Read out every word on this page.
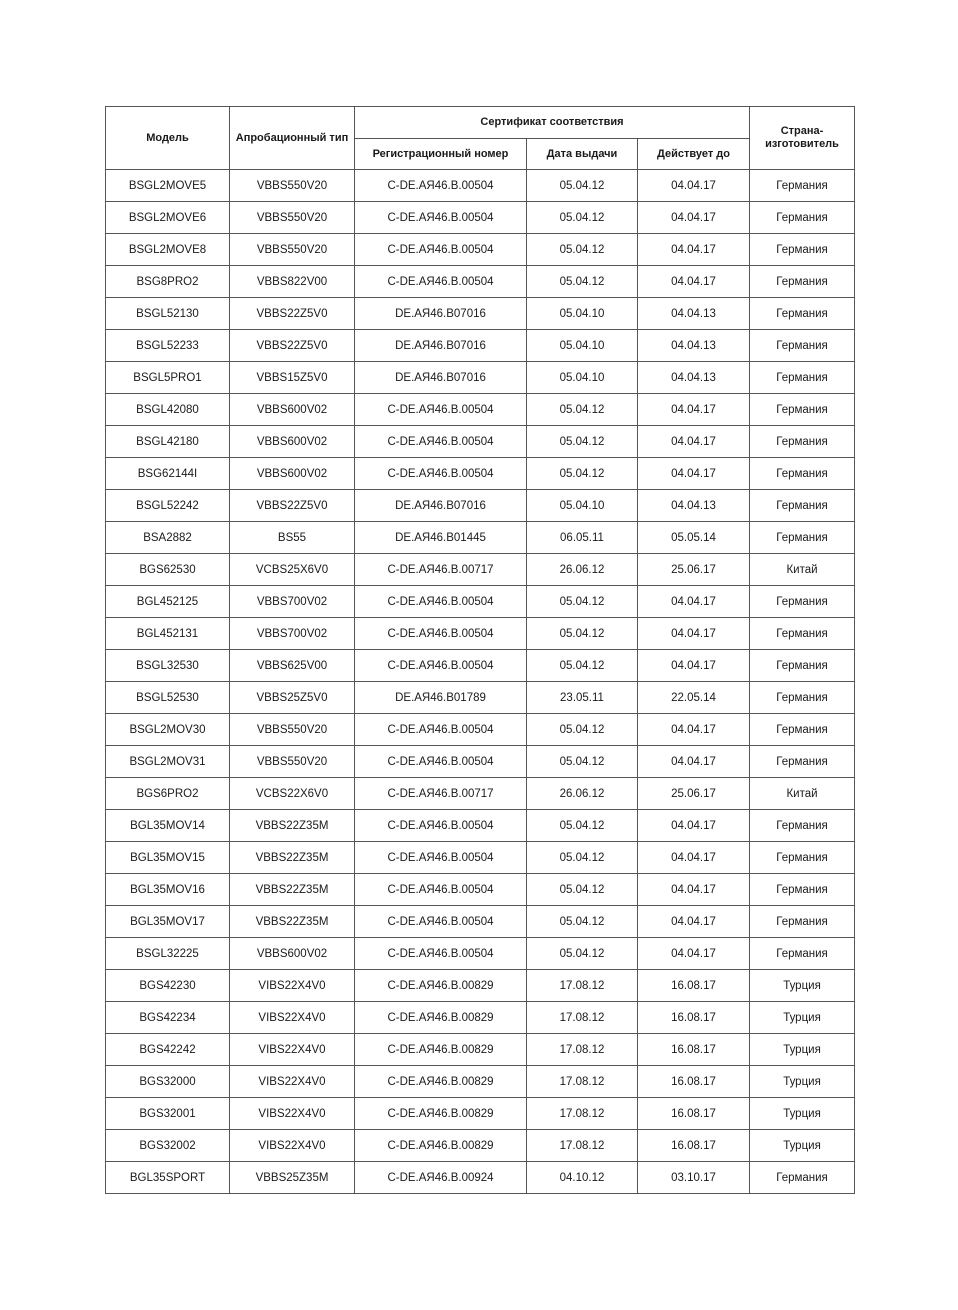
Модель	Апробационный тип	Сертификат соответствия			Страна-изготовитель
		Регистрационный номер	Дата выдачи	Действует до	
BSGL2MOVE5	VBBS550V20	C-DE.АЯ46.В.00504	05.04.12	04.04.17	Германия
BSGL2MOVE6	VBBS550V20	C-DE.АЯ46.В.00504	05.04.12	04.04.17	Германия
BSGL2MOVE8	VBBS550V20	C-DE.АЯ46.В.00504	05.04.12	04.04.17	Германия
BSG8PRO2	VBBS822V00	C-DE.АЯ46.В.00504	05.04.12	04.04.17	Германия
BSGL52130	VBBS22Z5V0	DE.АЯ46.В07016	05.04.10	04.04.13	Германия
BSGL52233	VBBS22Z5V0	DE.АЯ46.В07016	05.04.10	04.04.13	Германия
BSGL5PRO1	VBBS15Z5V0	DE.АЯ46.В07016	05.04.10	04.04.13	Германия
BSGL42080	VBBS600V02	C-DE.АЯ46.В.00504	05.04.12	04.04.17	Германия
BSGL42180	VBBS600V02	C-DE.АЯ46.В.00504	05.04.12	04.04.17	Германия
BSG62144I	VBBS600V02	C-DE.АЯ46.В.00504	05.04.12	04.04.17	Германия
BSGL52242	VBBS22Z5V0	DE.АЯ46.В07016	05.04.10	04.04.13	Германия
BSA2882	BS55	DE.АЯ46.В01445	06.05.11	05.05.14	Германия
BGS62530	VCBS25X6V0	C-DE.АЯ46.В.00717	26.06.12	25.06.17	Китай
BGL452125	VBBS700V02	C-DE.АЯ46.В.00504	05.04.12	04.04.17	Германия
BGL452131	VBBS700V02	C-DE.АЯ46.В.00504	05.04.12	04.04.17	Германия
BSGL32530	VBBS625V00	C-DE.АЯ46.В.00504	05.04.12	04.04.17	Германия
BSGL52530	VBBS25Z5V0	DE.АЯ46.В01789	23.05.11	22.05.14	Германия
BSGL2MOV30	VBBS550V20	C-DE.АЯ46.В.00504	05.04.12	04.04.17	Германия
BSGL2MOV31	VBBS550V20	C-DE.АЯ46.В.00504	05.04.12	04.04.17	Германия
BGS6PRO2	VCBS22X6V0	C-DE.АЯ46.В.00717	26.06.12	25.06.17	Китай
BGL35MOV14	VBBS22Z35M	C-DE.АЯ46.В.00504	05.04.12	04.04.17	Германия
BGL35MOV15	VBBS22Z35M	C-DE.АЯ46.В.00504	05.04.12	04.04.17	Германия
BGL35MOV16	VBBS22Z35M	C-DE.АЯ46.В.00504	05.04.12	04.04.17	Германия
BGL35MOV17	VBBS22Z35M	C-DE.АЯ46.В.00504	05.04.12	04.04.17	Германия
BSGL32225	VBBS600V02	C-DE.АЯ46.В.00504	05.04.12	04.04.17	Германия
BGS42230	VIBS22X4V0	C-DE.АЯ46.В.00829	17.08.12	16.08.17	Турция
BGS42234	VIBS22X4V0	C-DE.АЯ46.В.00829	17.08.12	16.08.17	Турция
BGS42242	VIBS22X4V0	C-DE.АЯ46.В.00829	17.08.12	16.08.17	Турция
BGS32000	VIBS22X4V0	C-DE.АЯ46.В.00829	17.08.12	16.08.17	Турция
BGS32001	VIBS22X4V0	C-DE.АЯ46.В.00829	17.08.12	16.08.17	Турция
BGS32002	VIBS22X4V0	C-DE.АЯ46.В.00829	17.08.12	16.08.17	Турция
BGL35SPORT	VBBS25Z35M	C-DE.АЯ46.В.00924	04.10.12	03.10.17	Германия
